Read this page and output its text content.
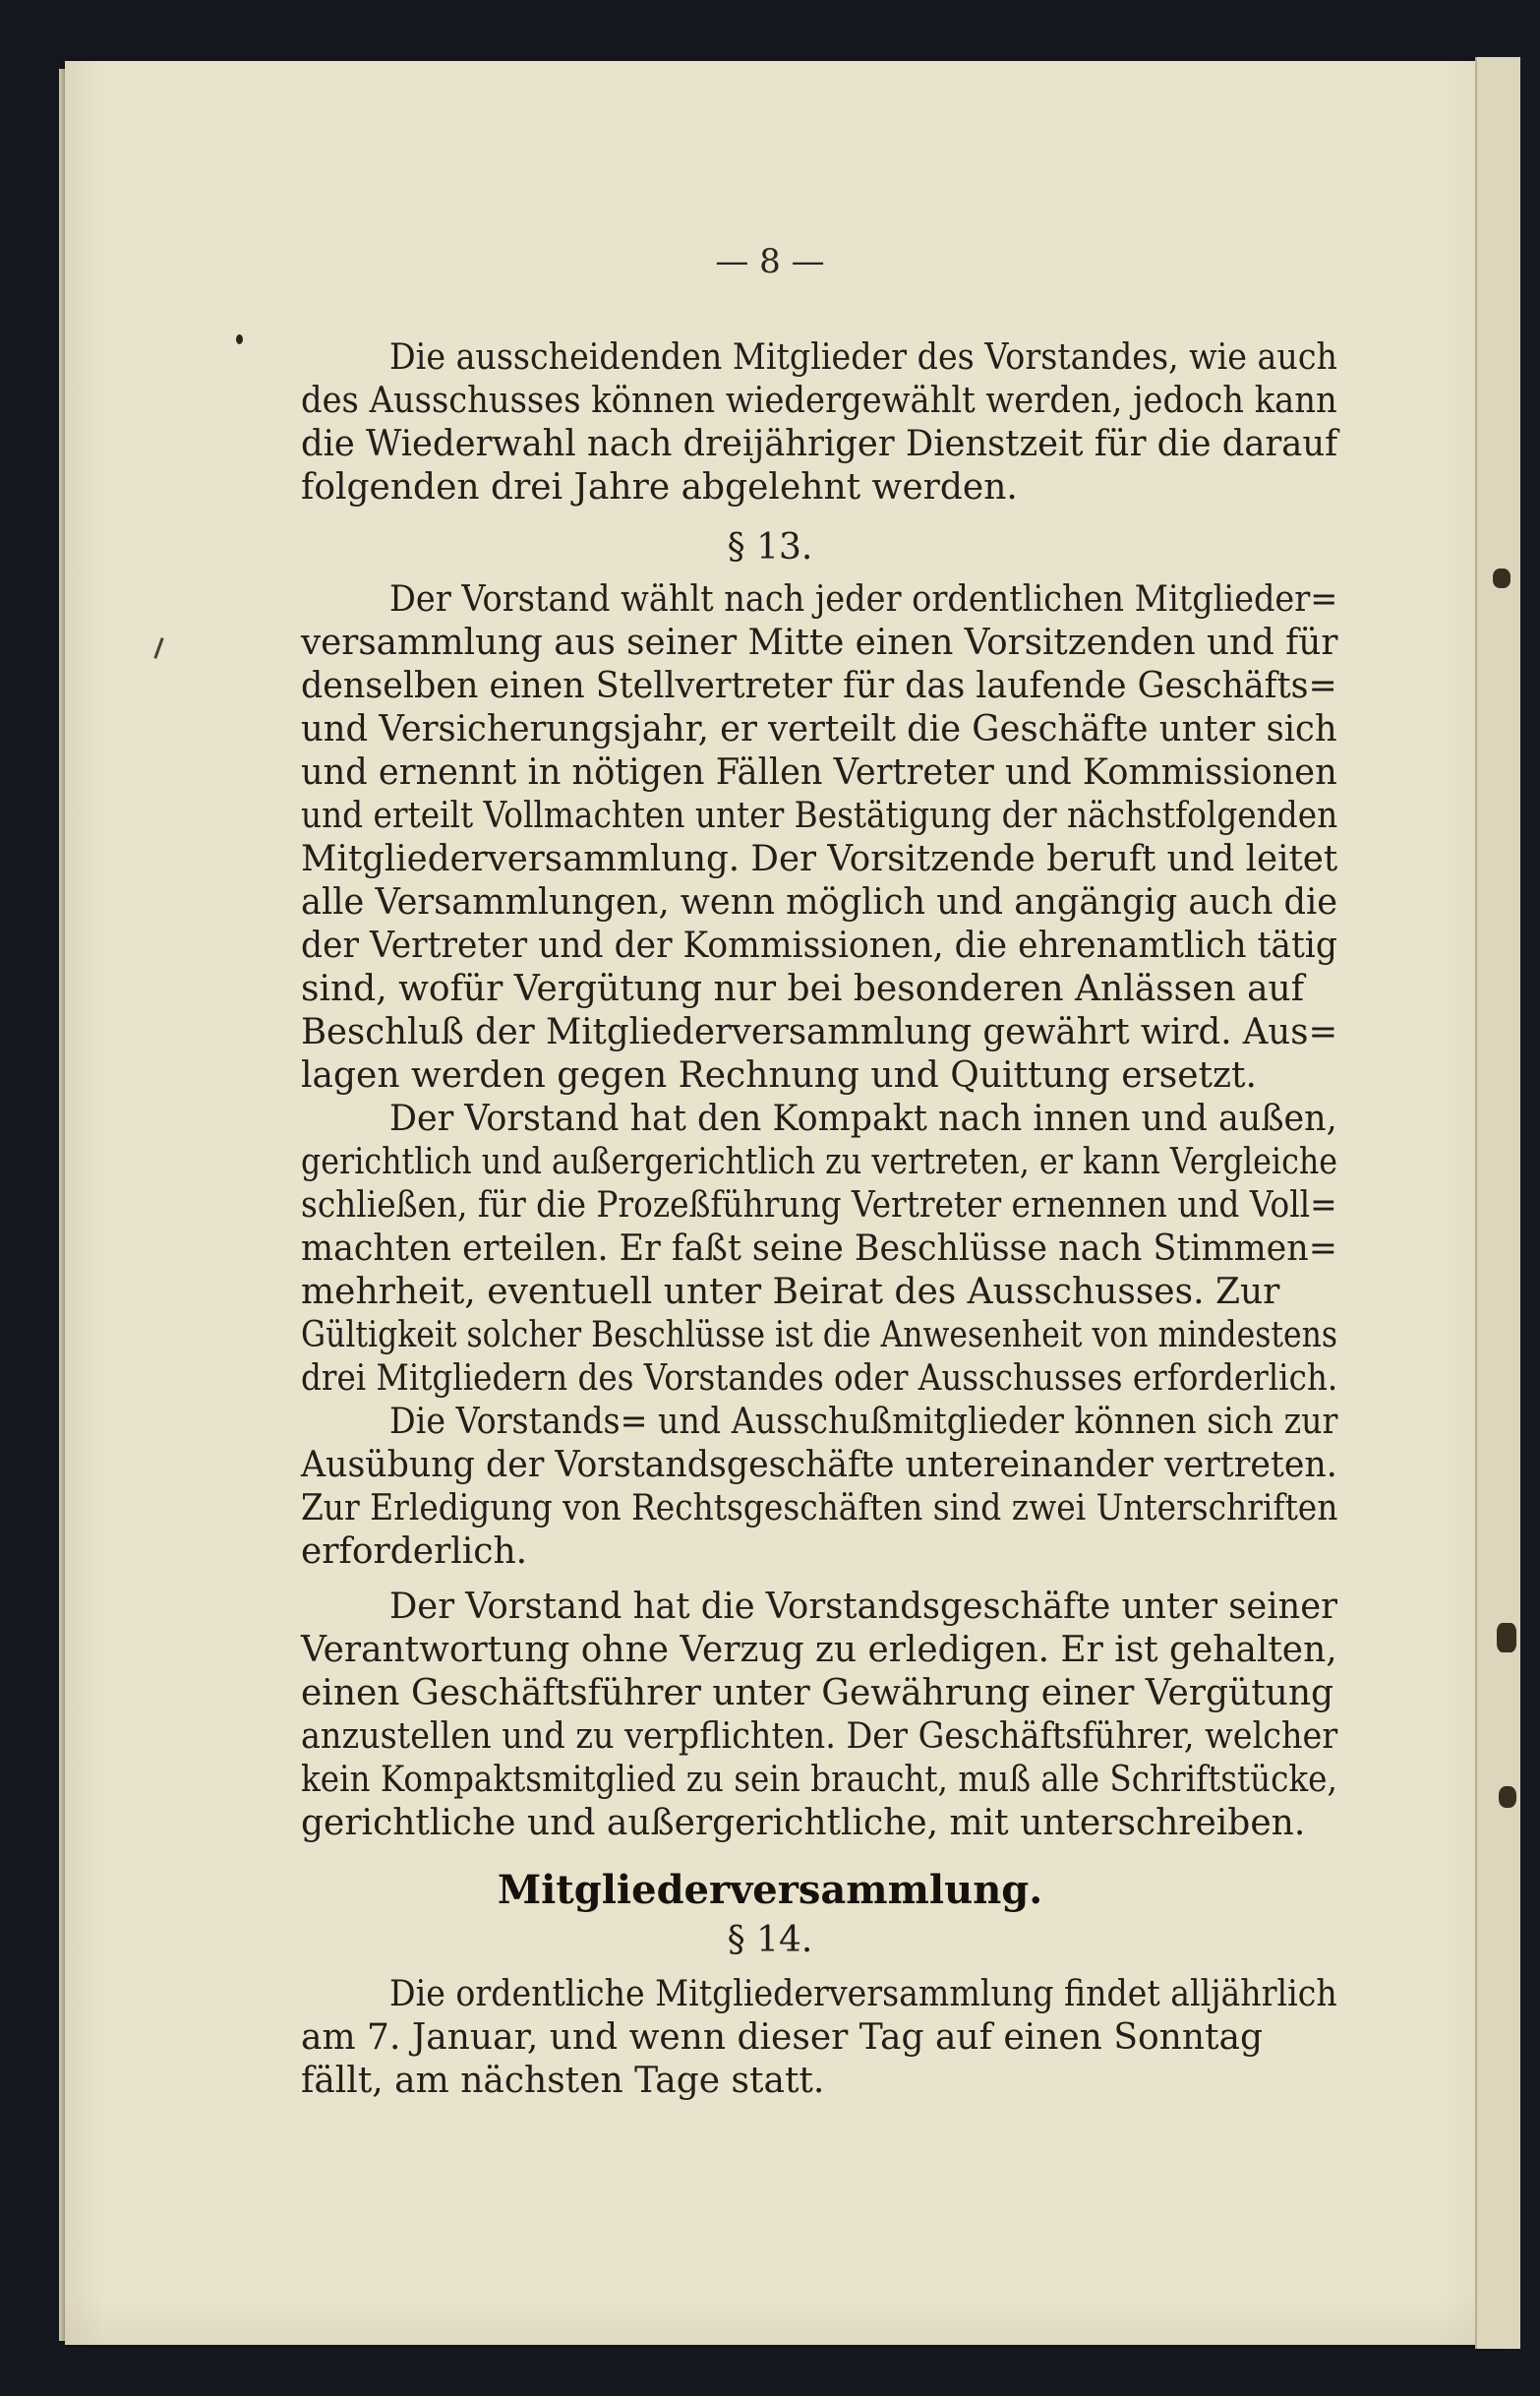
— 8 —
Die ausscheidenden Mitglieder des Vorstandes, wie auch
des Ausschusses können wiedergewählt werden, jedoch kann
die Wiederwahl nach dreijähriger Dienstzeit für die darauf
folgenden drei Jahre abgelehnt werden.
§ 13.
Der Vorstand wählt nach jeder ordentlichen Mitglieder=
versammlung aus seiner Mitte einen Vorsitzenden und für
denselben einen Stellvertreter für das laufende Geschäfts=
und Versicherungsjahr, er verteilt die Geschäfte unter sich
und ernennt in nötigen Fällen Vertreter und Kommissionen
und erteilt Vollmachten unter Bestätigung der nächstfolgenden
Mitgliederversammlung. Der Vorsitzende beruft und leitet
alle Versammlungen, wenn möglich und angängig auch die
der Vertreter und der Kommissionen, die ehrenamtlich tätig
sind, wofür Vergütung nur bei besonderen Anlässen auf
Beschluß der Mitgliederversammlung gewährt wird. Aus=
lagen werden gegen Rechnung und Quittung ersetzt.
Der Vorstand hat den Kompakt nach innen und außen,
gerichtlich und außergerichtlich zu vertreten, er kann Vergleiche
schließen, für die Prozeßführung Vertreter ernennen und Voll=
machten erteilen. Er faßt seine Beschlüsse nach Stimmen=
mehrheit, eventuell unter Beirat des Ausschusses. Zur
Gültigkeit solcher Beschlüsse ist die Anwesenheit von mindestens
drei Mitgliedern des Vorstandes oder Ausschusses erforderlich.
Die Vorstands= und Ausschußmitglieder können sich zur
Ausübung der Vorstandsgeschäfte untereinander vertreten.
Zur Erledigung von Rechtsgeschäften sind zwei Unterschriften
erforderlich.
Der Vorstand hat die Vorstandsgeschäfte unter seiner
Verantwortung ohne Verzug zu erledigen. Er ist gehalten,
einen Geschäftsführer unter Gewährung einer Vergütung
anzustellen und zu verpflichten. Der Geschäftsführer, welcher
kein Kompaktsmitglied zu sein braucht, muß alle Schriftstücke,
gerichtliche und außergerichtliche, mit unterschreiben.
Mitgliederversammlung.
§ 14.
Die ordentliche Mitgliederversammlung findet alljährlich
am 7. Januar, und wenn dieser Tag auf einen Sonntag
fällt, am nächsten Tage statt.
